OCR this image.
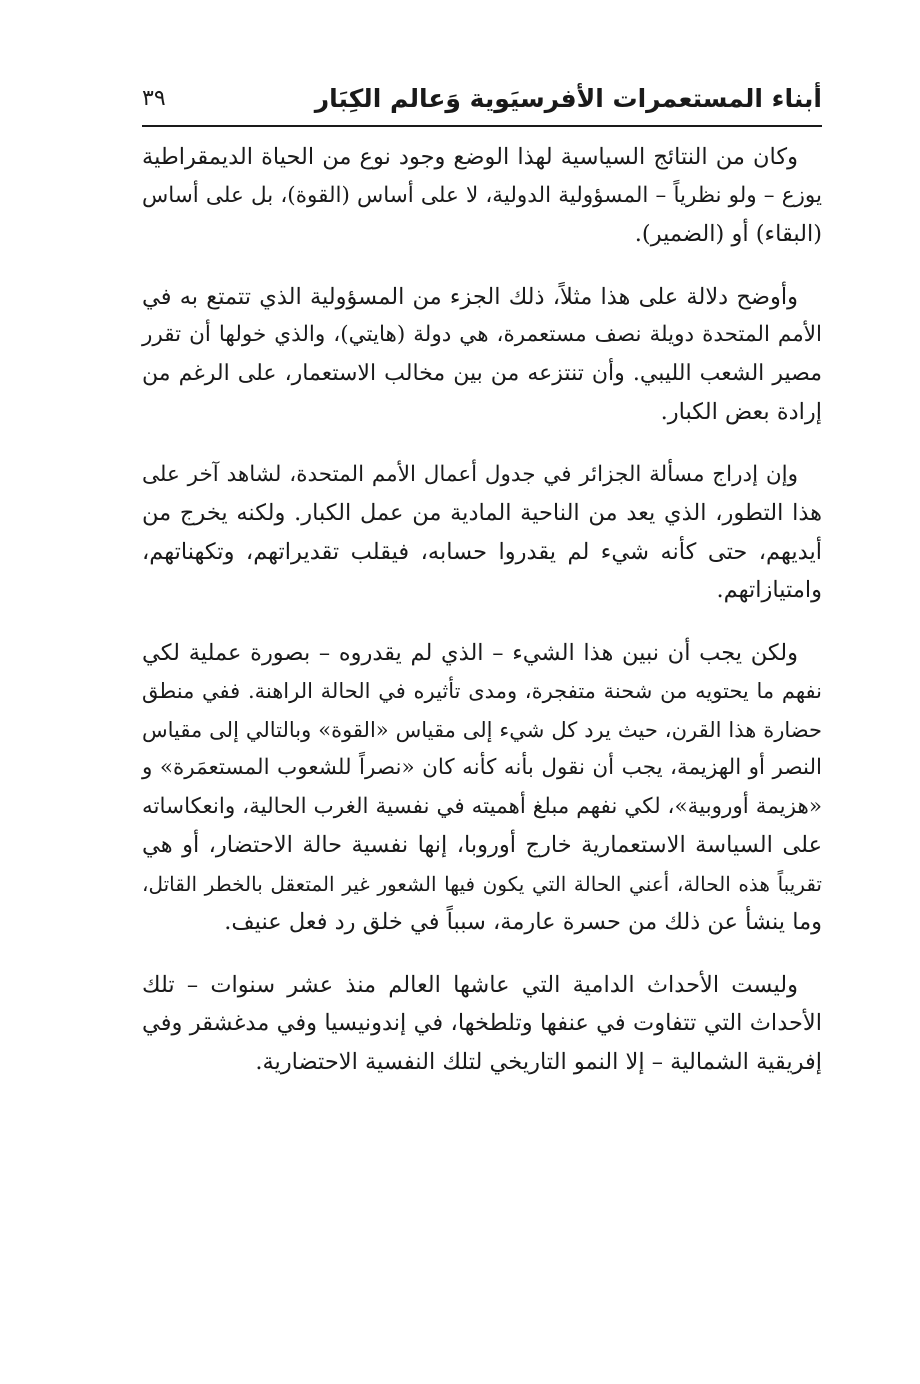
أبناء المستعمرات الأفرسيَوية وَعالم الكِبَار
٣٩

وكان من النتائج السياسية لهذا الوضع وجود نوع من الحياة الديمقراطية
يوزع – ولو نظرياً – المسؤولية الدولية، لا على أساس (القوة)، بل على أساس
(البقاء) أو (الضمير).

وأوضح دلالة على هذا مثلاً، ذلك الجزء من المسؤولية الذي تتمتع به في
الأمم المتحدة دويلة نصف مستعمرة، هي دولة (هايتي)، والذي خولها أن تقرر
مصير الشعب الليبي. وأن تنتزعه من بين مخالب الاستعمار، على الرغم من
إرادة بعض الكبار.

وإن إدراج مسألة الجزائر في جدول أعمال الأمم المتحدة، لشاهد آخر على
هذا التطور، الذي يعد من الناحية المادية من عمل الكبار. ولكنه يخرج من
أيديهم، حتى كأنه شيء لم يقدروا حسابه، فيقلب تقديراتهم، وتكهناتهم،
وامتيازاتهم.

ولكن يجب أن نبين هذا الشيء – الذي لم يقدروه – بصورة عملية لكي
نفهم ما يحتويه من شحنة متفجرة، ومدى تأثيره في الحالة الراهنة. ففي منطق
حضارة هذا القرن، حيث يرد كل شيء إلى مقياس «القوة» وبالتالي إلى مقياس
النصر أو الهزيمة، يجب أن نقول بأنه كأنه كان «نصراً للشعوب المستعمَرة» و
«هزيمة أوروبية»، لكي نفهم مبلغ أهميته في نفسية الغرب الحالية، وانعكاساته
على السياسة الاستعمارية خارج أوروبا، إنها نفسية حالة الاحتضار، أو هي
تقريباً هذه الحالة، أعني الحالة التي يكون فيها الشعور غير المتعقل بالخطر القاتل،
وما ينشأ عن ذلك من حسرة عارمة، سبباً في خلق رد فعل عنيف.

وليست الأحداث الدامية التي عاشها العالم منذ عشر سنوات – تلك
الأحداث التي تتفاوت في عنفها وتلطخها، في إندونيسيا وفي مدغشقر وفي
إفريقية الشمالية – إلا النمو التاريخي لتلك النفسية الاحتضارية.
